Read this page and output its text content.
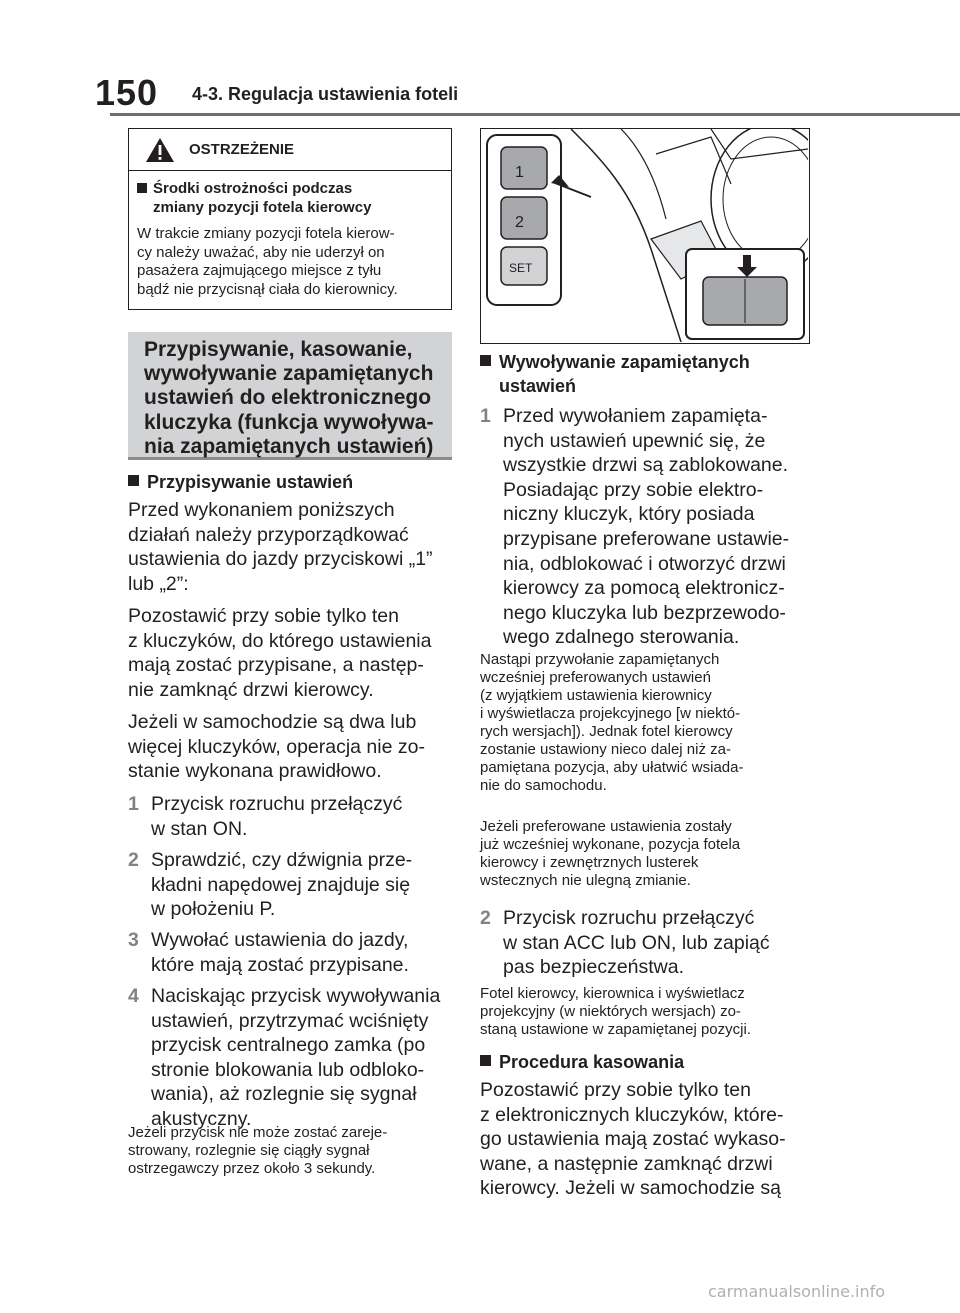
150 4-3. Regulacja ustawienia foteli
OSTRZEŻENIE
Środki ostrożności podczas
zmiany pozycji fotela kierowcy
W trakcie zmiany pozycji fotela kierow-
cy należy uważać, aby nie uderzył on
pasażera zajmującego miejsce z tyłu
bądź nie przycisnął ciała do kierownicy.
Przypisywanie, kasowanie,
wywoływanie zapamiętanych
ustawień do elektronicznego
kluczyka (funkcja wywoływa-
nia zapamiętanych ustawień)
Przypisywanie ustawień
Przed wykonaniem poniższych
działań należy przyporządkować
ustawienia do jazdy przyciskowi „1”
lub „2”:
Pozostawić przy sobie tylko ten
z kluczyków, do którego ustawienia
mają zostać przypisane, a następ-
nie zamknąć drzwi kierowcy.
Jeżeli w samochodzie są dwa lub
więcej kluczyków, operacja nie zo-
stanie wykonana prawidłowo.
1 Przycisk rozruchu przełączyć
w stan ON.
2 Sprawdzić, czy dźwignia prze-
kładni napędowej znajduje się
w położeniu P.
3 Wywołać ustawienia do jazdy,
które mają zostać przypisane.
4 Naciskając przycisk wywoływania
ustawień, przytrzymać wciśnięty
przycisk centralnego zamka (po
stronie blokowania lub odbloko-
wania), aż rozlegnie się sygnał
akustyczny.
Jeżeli przycisk nie może zostać zareje-
strowany, rozlegnie się ciągły sygnał
ostrzegawczy przez około 3 sekundy.
1
2
SET
Wywoływanie zapamiętanych
ustawień
1 Przed wywołaniem zapamięta-
nych ustawień upewnić się, że
wszystkie drzwi są zablokowane.
Posiadając przy sobie elektro-
niczny kluczyk, który posiada
przypisane preferowane ustawie-
nia, odblokować i otworzyć drzwi
kierowcy za pomocą elektronicz-
nego kluczyka lub bezprzewodo-
wego zdalnego sterowania.
Nastąpi przywołanie zapamiętanych
wcześniej preferowanych ustawień
(z wyjątkiem ustawienia kierownicy
i wyświetlacza projekcyjnego [w niektó-
rych wersjach]). Jednak fotel kierowcy
zostanie ustawiony nieco dalej niż za-
pamiętana pozycja, aby ułatwić wsiada-
nie do samochodu.
Jeżeli preferowane ustawienia zostały
już wcześniej wykonane, pozycja fotela
kierowcy i zewnętrznych lusterek
wstecznych nie ulegną zmianie.
2 Przycisk rozruchu przełączyć
w stan ACC lub ON, lub zapiąć
pas bezpieczeństwa.
Fotel kierowcy, kierownica i wyświetlacz
projekcyjny (w niektórych wersjach) zo-
staną ustawione w zapamiętanej pozycji.
Procedura kasowania
Pozostawić przy sobie tylko ten
z elektronicznych kluczyków, które-
go ustawienia mają zostać wykaso-
wane, a następnie zamknąć drzwi
kierowcy. Jeżeli w samochodzie są
carmanualsonline.info
